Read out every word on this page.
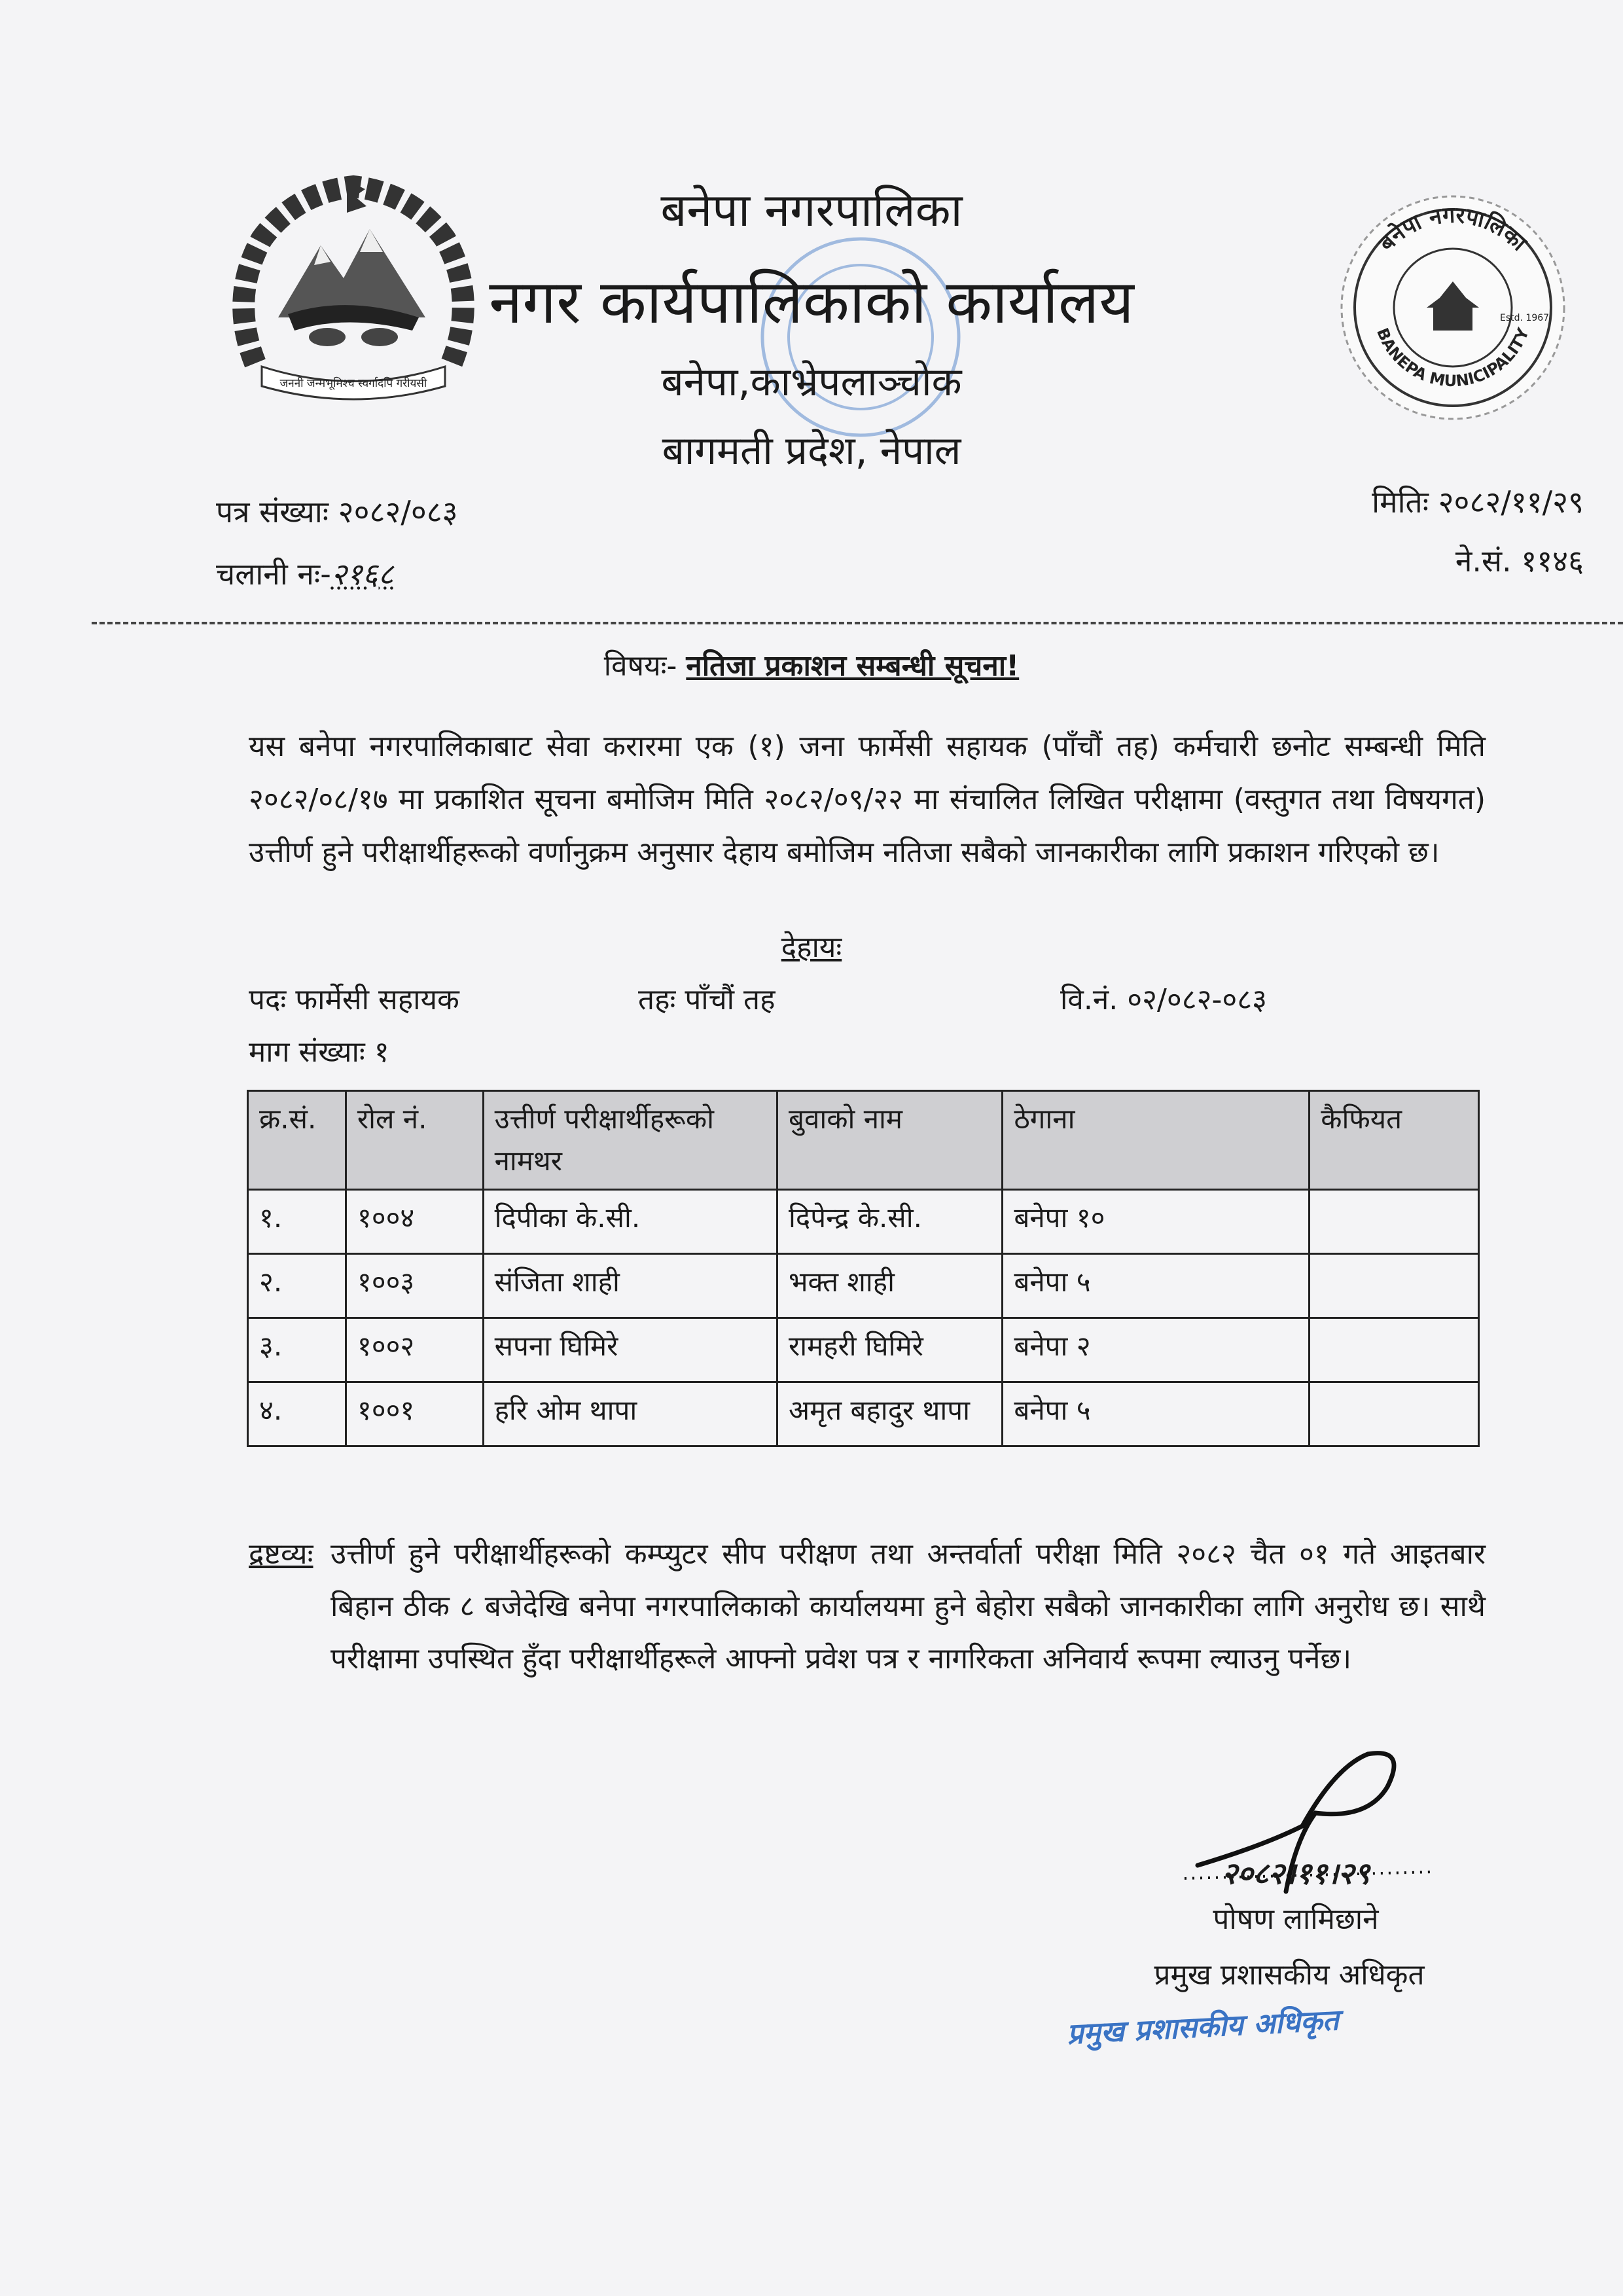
जननी जन्मभूमिश्च स्वर्गादपि गरीयसी
बनेपा नगरपालिका
BANEPA MUNICIPALITY
Estd. 1967
बनेपा नगरपालिका
नगर कार्यपालिकाको कार्यालय
बनेपा,काभ्रेपलाञ्चोक
बागमती प्रदेश, नेपाल
पत्र संख्याः २०८२/०८३
चलानी नः-२१६८
मितिः २०८२/११/२९
ने.सं. ११४६
विषयः- नतिजा प्रकाशन सम्बन्धी सूचना!
यस बनेपा नगरपालिकाबाट सेवा करारमा एक (१) जना फार्मेसी सहायक (पाँचौं तह) कर्मचारी छनोट सम्बन्धी मिति २०८२/०८/१७ मा प्रकाशित सूचना बमोजिम मिति २०८२/०९/२२ मा संचालित लिखित परीक्षामा (वस्तुगत तथा विषयगत) उत्तीर्ण हुने परीक्षार्थीहरूको वर्णानुक्रम अनुसार देहाय बमोजिम नतिजा सबैको जानकारीका लागि प्रकाशन गरिएको छ।
देहायः
पदः फार्मेसी सहायक	तहः पाँचौं तह	वि.नं. ०२/०८२-०८३
माग संख्याः १
क्र.सं.	रोल नं.	उत्तीर्ण परीक्षार्थीहरूको नामथर	बुवाको नाम	ठेगाना	कैफियत
१.	१००४	दिपीका के.सी.	दिपेन्द्र के.सी.	बनेपा १०	
२.	१००३	संजिता शाही	भक्त शाही	बनेपा ५	
३.	१००२	सपना घिमिरे	रामहरी घिमिरे	बनेपा २	
४.	१००१	हरि ओम थापा	अमृत बहादुर थापा	बनेपा ५	
द्रष्टव्यः उत्तीर्ण हुने परीक्षार्थीहरूको कम्प्युटर सीप परीक्षण तथा अन्तर्वार्ता परीक्षा मिति २०८२ चैत ०१ गते आइतबार बिहान ठीक ८ बजेदेखि बनेपा नगरपालिकाको कार्यालयमा हुने बेहोरा सबैको जानकारीका लागि अनुरोध छ। साथै परीक्षामा उपस्थित हुँदा परीक्षार्थीहरूले आफ्नो प्रवेश पत्र र नागरिकता अनिवार्य रूपमा ल्याउनु पर्नेछ।
२०८२।११।२९
पोषण लामिछाने
प्रमुख प्रशासकीय अधिकृत
प्रमुख प्रशासकीय अधिकृत
